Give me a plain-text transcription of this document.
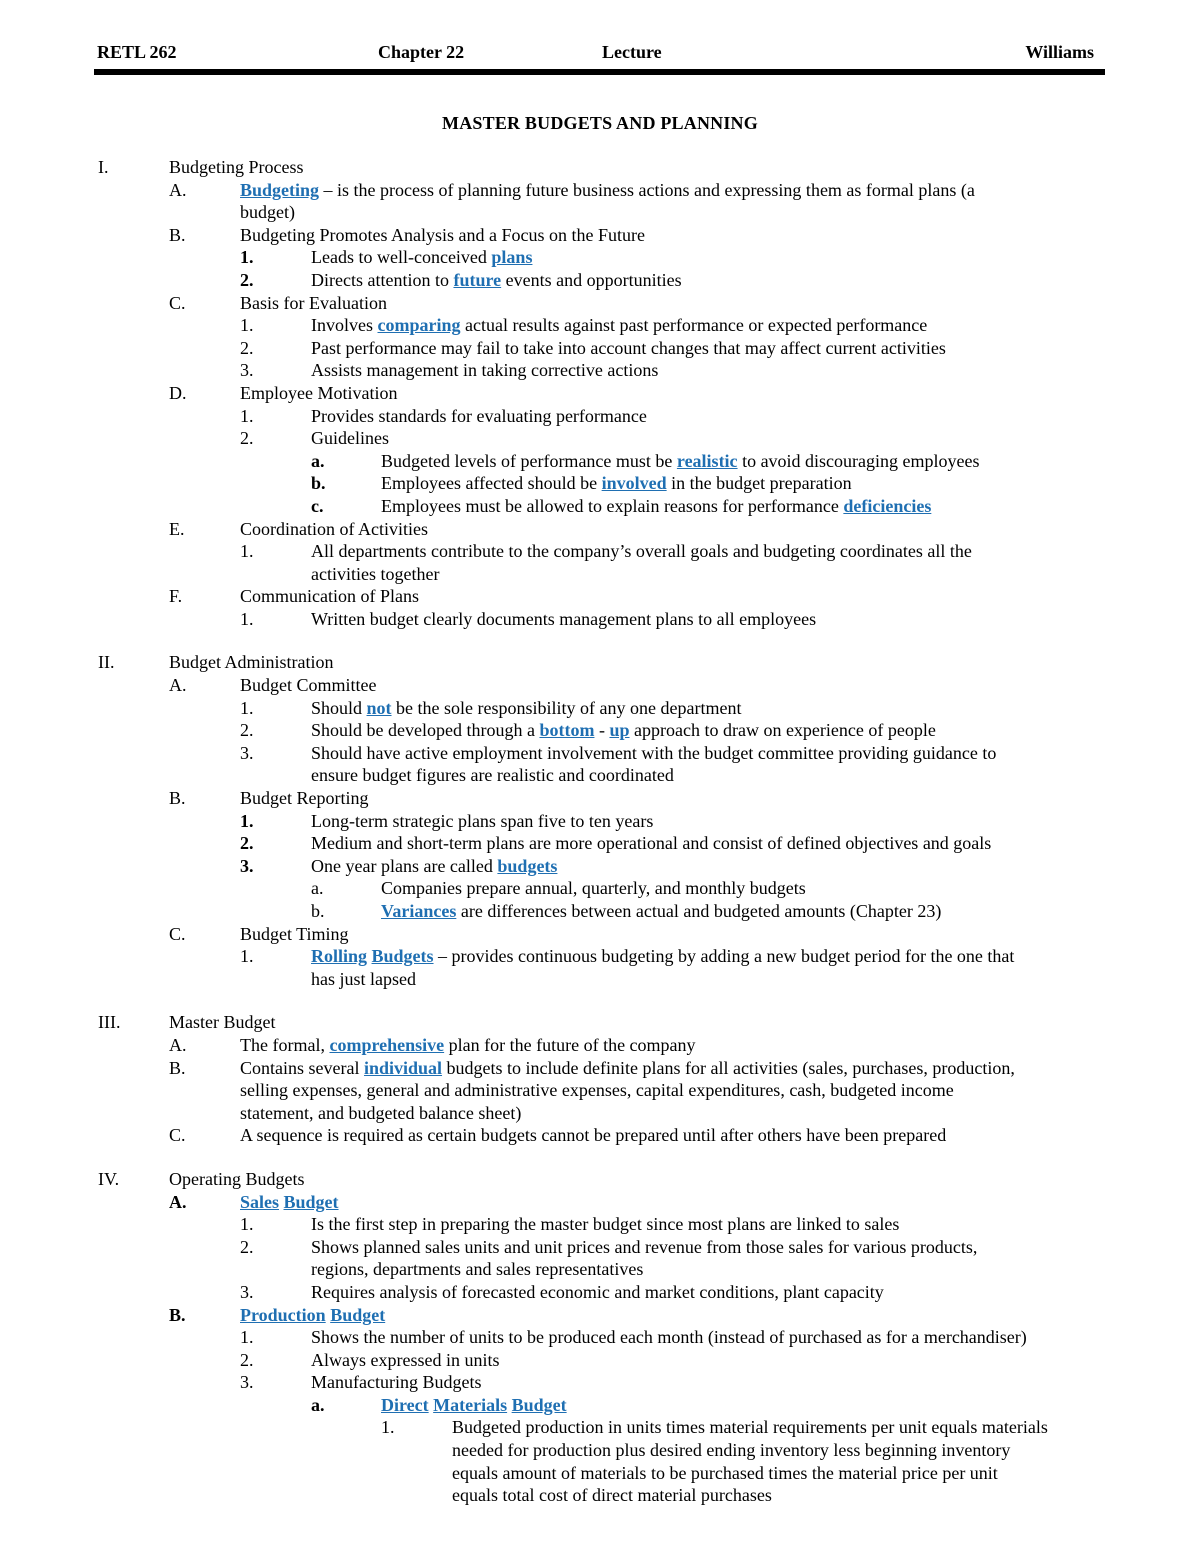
RETL 262	Chapter 22	Lecture	Williams
MASTER BUDGETS AND PLANNING
I.	Budgeting Process
A.	Budgeting – is the process of planning future business actions and expressing them as formal plans (a
budget)
B.	Budgeting Promotes Analysis and a Focus on the Future
1.	Leads to well-conceived plans
2.	Directs attention to future events and opportunities
C.	Basis for Evaluation
1.	Involves comparing actual results against past performance or expected performance
2.	Past performance may fail to take into account changes that may affect current activities
3.	Assists management in taking corrective actions
D.	Employee Motivation
1.	Provides standards for evaluating performance
2.	Guidelines
a.	Budgeted levels of performance must be realistic to avoid discouraging employees
b.	Employees affected should be involved in the budget preparation
c.	Employees must be allowed to explain reasons for performance deficiencies
E.	Coordination of Activities
1.	All departments contribute to the company’s overall goals and budgeting coordinates all the
activities together
F.	Communication of Plans
1.	Written budget clearly documents management plans to all employees
II.	Budget Administration
A.	Budget Committee
1.	Should not be the sole responsibility of any one department
2.	Should be developed through a bottom - up approach to draw on experience of people
3.	Should have active employment involvement with the budget committee providing guidance to
ensure budget figures are realistic and coordinated
B.	Budget Reporting
1.	Long-term strategic plans span five to ten years
2.	Medium and short-term plans are more operational and consist of defined objectives and goals
3.	One year plans are called budgets
a.	Companies prepare annual, quarterly, and monthly budgets
b.	Variances are differences between actual and budgeted amounts (Chapter 23)
C.	Budget Timing
1.	Rolling Budgets – provides continuous budgeting by adding a new budget period for the one that
has just lapsed
III.	Master Budget
A.	The formal, comprehensive plan for the future of the company
B.	Contains several individual budgets to include definite plans for all activities (sales, purchases, production,
selling expenses, general and administrative expenses, capital expenditures, cash, budgeted income
statement, and budgeted balance sheet)
C.	A sequence is required as certain budgets cannot be prepared until after others have been prepared
IV.	Operating Budgets
A.	Sales Budget
1.	Is the first step in preparing the master budget since most plans are linked to sales
2.	Shows planned sales units and unit prices and revenue from those sales for various products,
regions, departments and sales representatives
3.	Requires analysis of forecasted economic and market conditions, plant capacity
B.	Production Budget
1.	Shows the number of units to be produced each month (instead of purchased as for a merchandiser)
2.	Always expressed in units
3.	Manufacturing Budgets
a.	Direct Materials Budget
1.	Budgeted production in units times material requirements per unit equals materials
needed for production plus desired ending inventory less beginning inventory
equals amount of materials to be purchased times the material price per unit
equals total cost of direct material purchases
